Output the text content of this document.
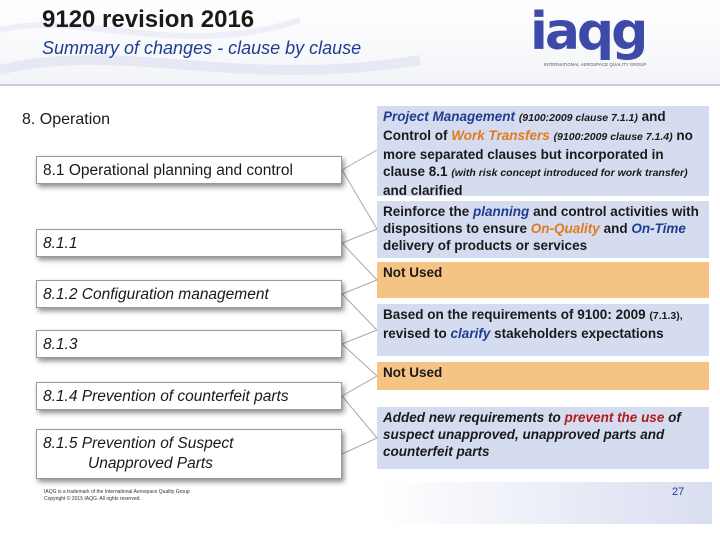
9120 revision 2016
Summary of changes - clause by clause	iaqg
INTERNATIONAL AEROSPACE QUALITY GROUP
8. Operation
8.1 Operational planning and control
8.1.1
8.1.2 Configuration management
8.1.3
8.1.4 Prevention of counterfeit parts
8.1.5 Prevention of Suspect
Unapproved Parts
Project Management (9100:2009 clause 7.1.1) and Control of Work Transfers (9100:2009 clause 7.1.4) no more separated clauses but incorporated in clause 8.1 (with risk concept introduced for work transfer) and clarified
Reinforce the planning and control activities with dispositions to ensure On-Quality and On-Time delivery of products or services
Not Used
Based on the requirements of 9100: 2009 (7.1.3), revised to clarify stakeholders expectations
Not Used
Added new requirements to prevent the use of suspect unapproved, unapproved parts and counterfeit parts
IAQG is a trademark of the International Aerospace Quality Group
Copyright © 2015 IAQG. All rights reserved.
27
